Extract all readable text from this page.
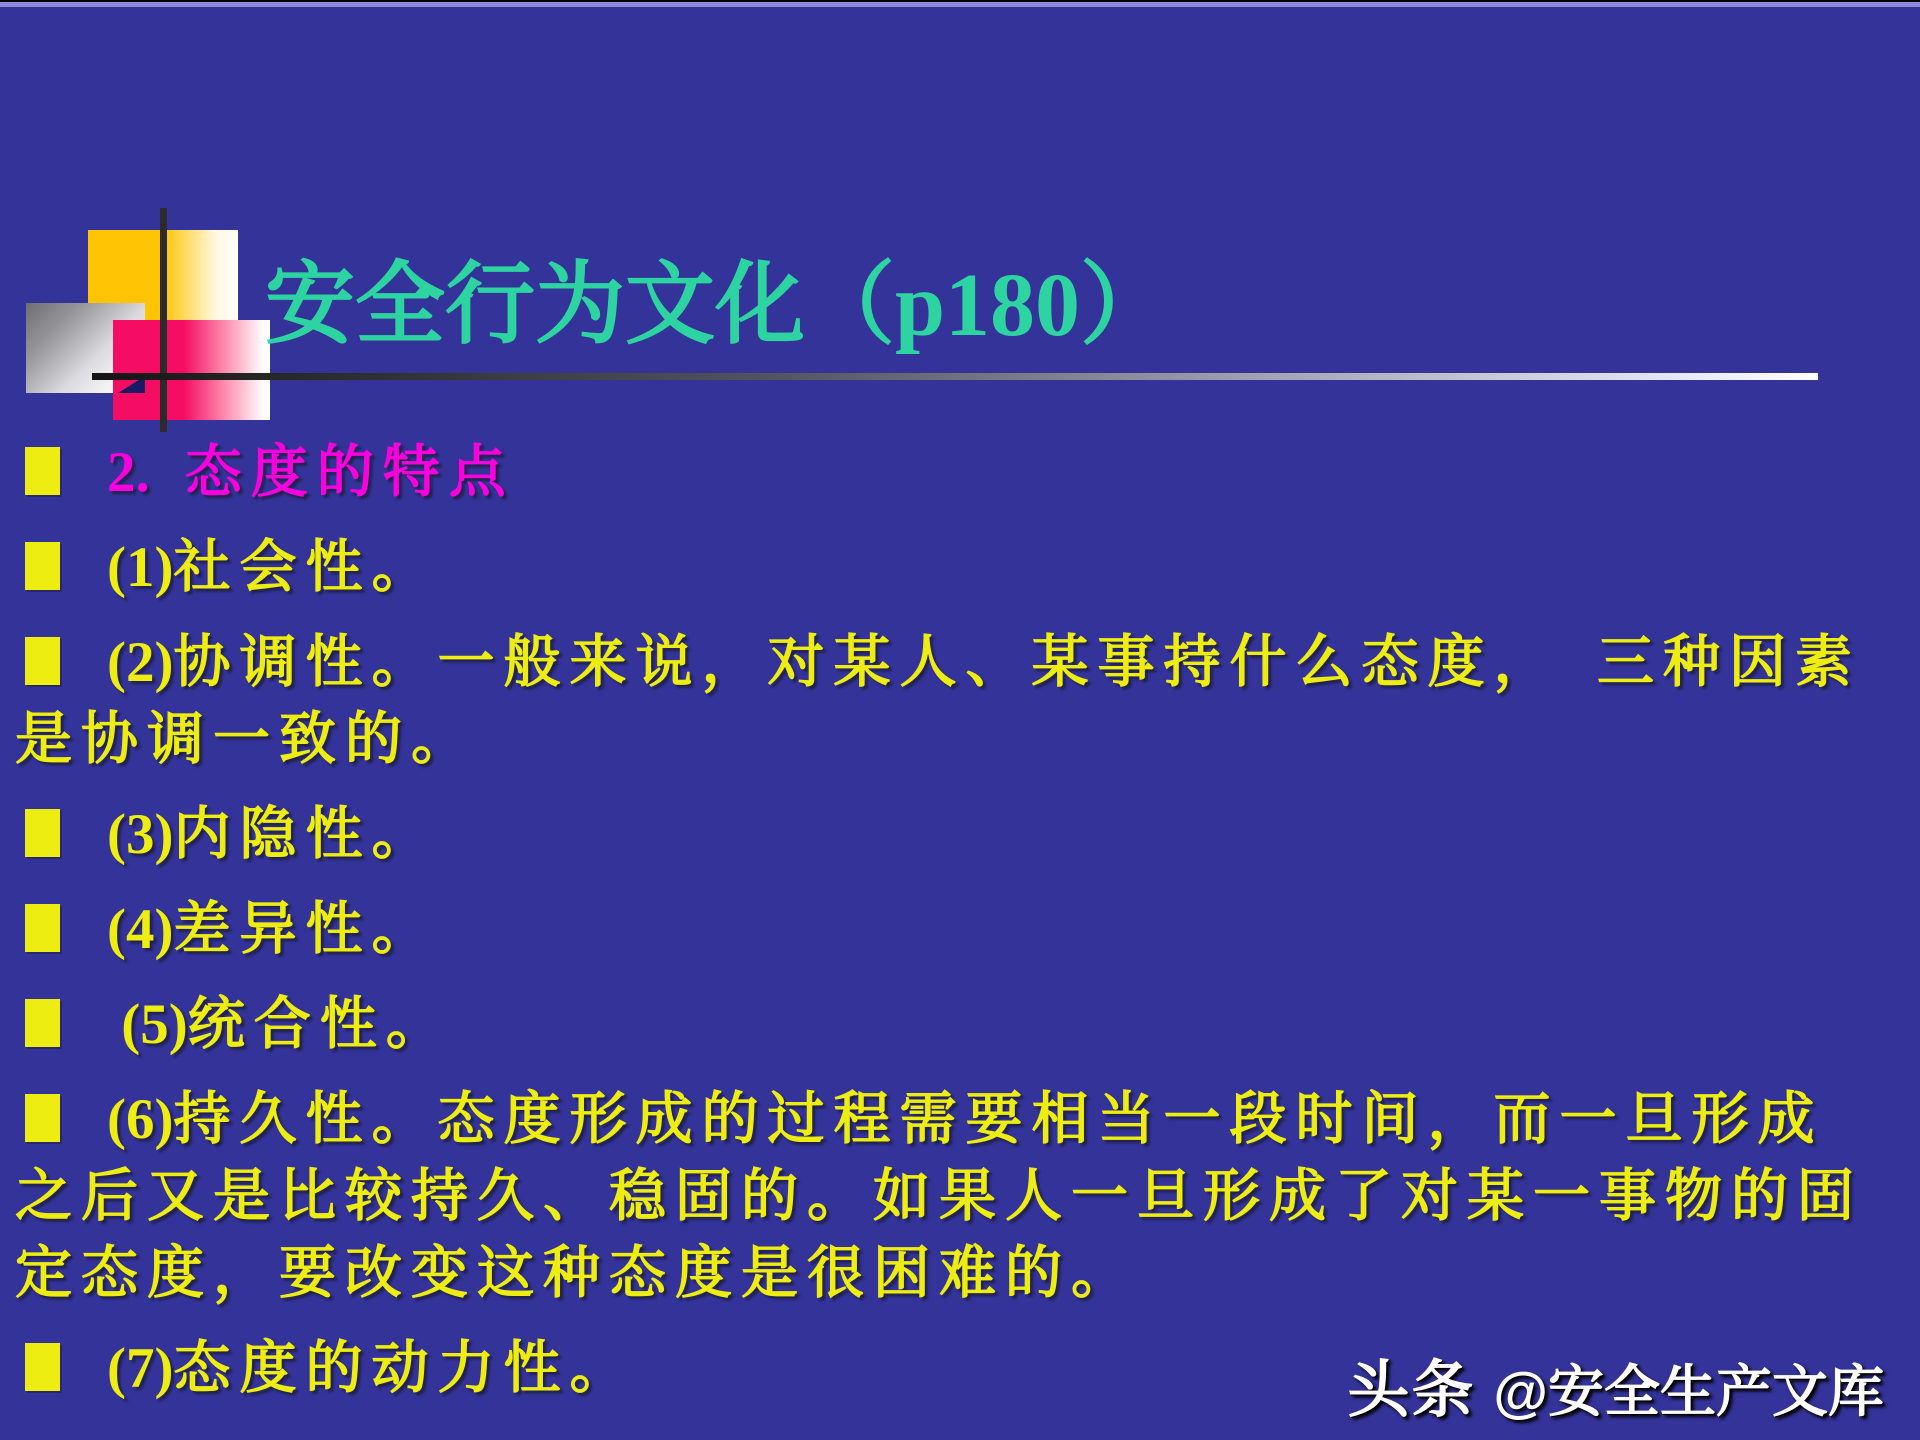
安全行为文化（p180）
2. 态度的特点
(1)社会性。
(2)协调性。一般来说，对某人、某事持什么态度，　三种因素是协调一致的。
(3)内隐性。
(4)差异性。
(5)统合性。
(6)持久性。态度形成的过程需要相当一段时间，而一旦形成之后又是比较持久、稳固的。如果人一旦形成了对某一事物的固定态度，要改变这种态度是很困难的。
(7)态度的动力性。	头条 @安全生产文库
